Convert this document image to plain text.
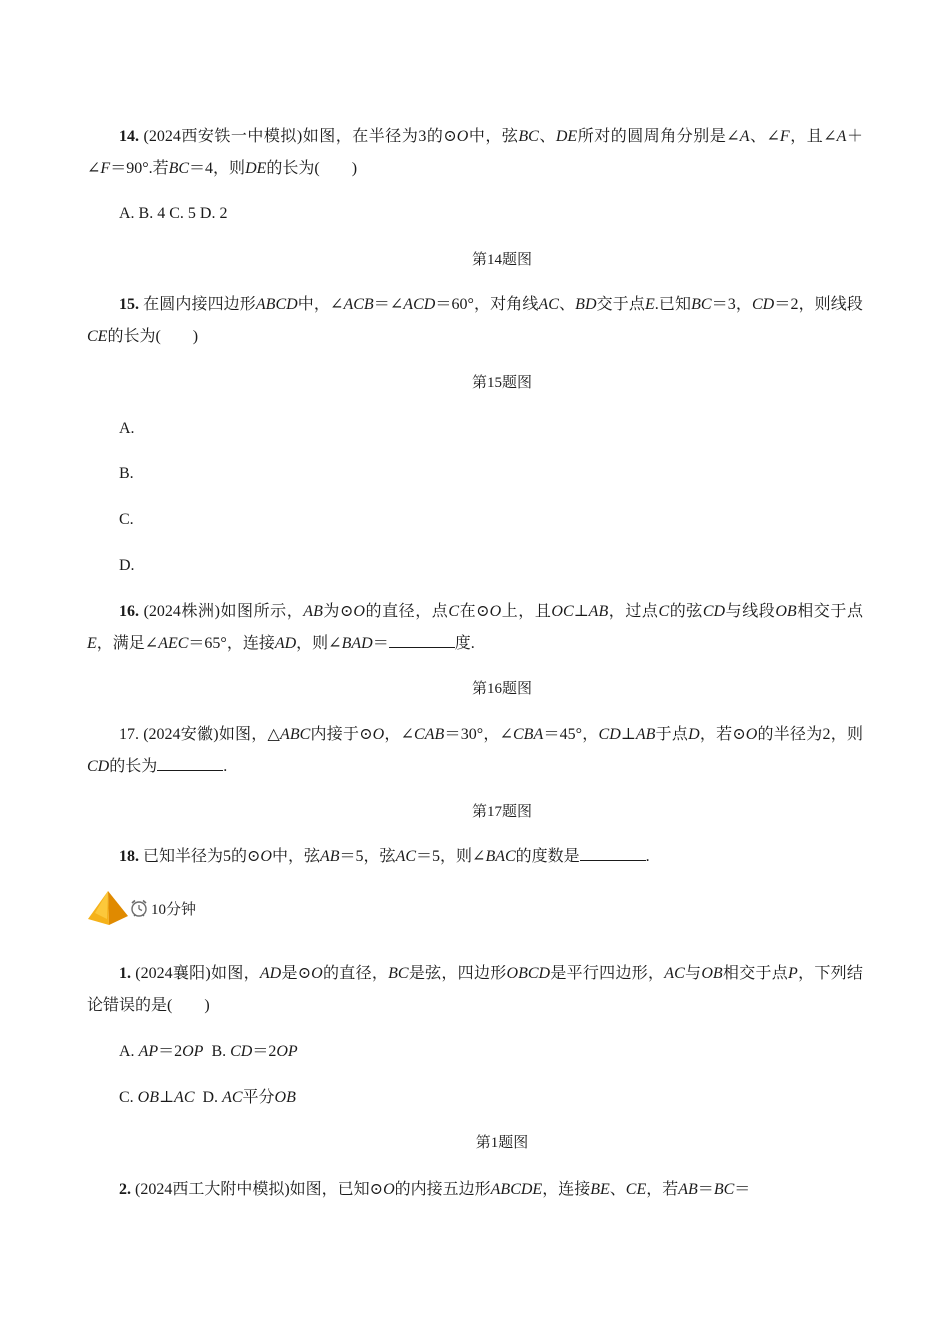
14. (2024西安铁一中模拟)如图，在半径为3的⊙O中，弦BC、DE所对的圆周角分别是∠A、∠F，且∠A＋∠F＝90°.若BC＝4，则DE的长为(　　)

A. B. 4 C. 5 D. 2
第14题图

15. 在圆内接四边形ABCD中，∠ACB＝∠ACD＝60°，对角线AC、BD交于点E.已知BC＝3，CD＝2，则线段CE的长为(　　)

第15题图
A.
B.
C.
D.

16. (2024株洲)如图所示，AB为⊙O的直径，点C在⊙O上，且OC⊥AB，过点C的弦CD与线段OB相交于点E，满足∠AEC＝65°，连接AD，则∠BAD＝	度.

第16题图

17. (2024安徽)如图，△ABC内接于⊙O，∠CAB＝30°，∠CBA＝45°，CD⊥AB于点D，若⊙O的半径为2，则CD的长为	.

第17题图

18. 已知半径为5的⊙O中，弦AB＝5，弦AC＝5，则∠BAC的度数是	.

1. (2024襄阳)如图，AD是⊙O的直径，BC是弦，四边形OBCD是平行四边形，AC与OB相交于点P，下列结论错误的是(　　)

A. AP＝2OP  B. CD＝2OP
C. OB⊥AC  D. AC平分OB
第1题图

2. (2024西工大附中模拟)如图，已知⊙O的内接五边形ABCDE，连接BE、CE，若AB＝BC＝

10分钟
